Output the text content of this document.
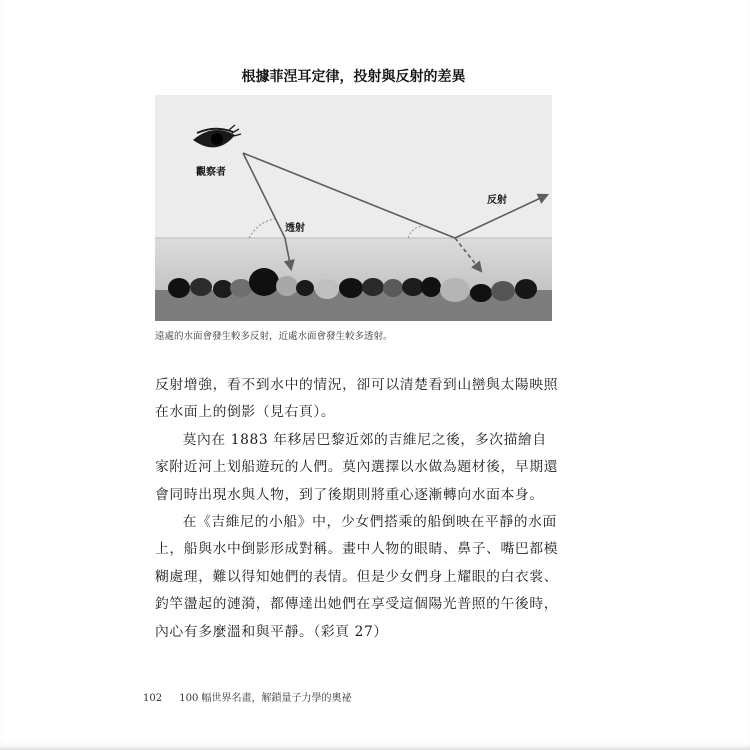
根據菲涅耳定律，投射與反射的差異
觀察者
透射
反射
遠處的水面會發生較多反射，近處水面會發生較多透射。

反射增強，看不到水中的情況，卻可以清楚看到山巒與太陽映照在水面上的倒影（見右頁）。

莫內在 1883 年移居巴黎近郊的吉維尼之後，多次描繪自家附近河上划船遊玩的人們。莫內選擇以水做為題材後，早期還會同時出現水與人物，到了後期則將重心逐漸轉向水面本身。

在《吉維尼的小船》中，少女們搭乘的船倒映在平靜的水面上，船與水中倒影形成對稱。畫中人物的眼睛、鼻子、嘴巴都模糊處理，難以得知她們的表情。但是少女們身上耀眼的白衣裳、釣竿盪起的漣漪，都傳達出她們在享受這個陽光普照的午後時，內心有多麼溫和與平靜。（彩頁 27）

102 100 幅世界名畫，解鎖量子力學的奧祕
